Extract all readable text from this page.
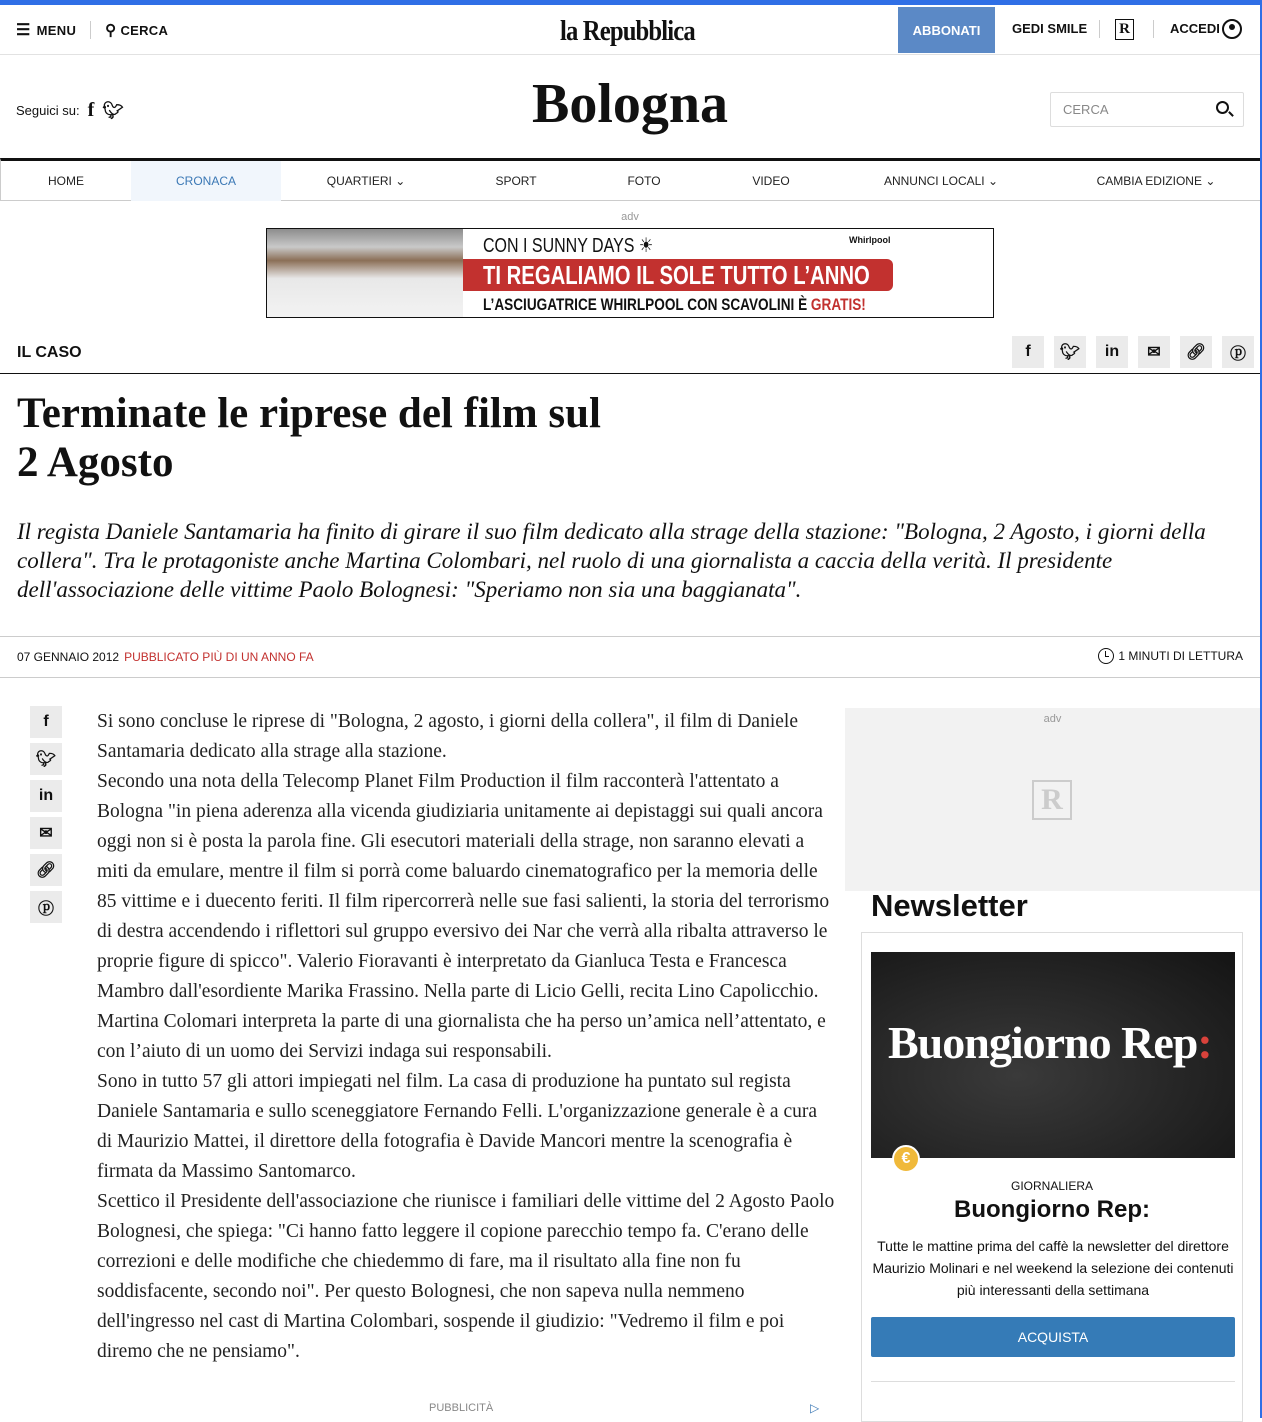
☰ MENU ⚲ CERCA	la Repubblica	ABBONATI	GEDI SMILE R	ACCEDI
Seguici su: f 🐦︎	Bologna	CERCA
HOME	CRONACA	QUARTIERI ⌄	SPORT	FOTO	VIDEO	ANNUNCI LOCALI ⌄	CAMBIA EDIZIONE ⌄
adv
CON I SUNNY DAYS ☀	Whirlpool
TI REGALIAMO IL SOLE TUTTO L’ANNO
L’ASCIUGATRICE WHIRLPOOL CON SCAVOLINI È GRATIS!
IL CASO	f	🐦︎	in	✉	🔗︎	ⓟ
Terminate le riprese del film sul 2 Agosto

Il regista Daniele Santamaria ha finito di girare il suo film dedicato alla strage della stazione: "Bologna, 2 Agosto, i giorni della collera". Tra le protagoniste anche Martina Colombari, nel ruolo di una giornalista a caccia della verità. Il presidente dell'associazione delle vittime Paolo Bolognesi: "Speriamo non sia una baggianata".

07 GENNAIO 2012 PUBBLICATO PIÙ DI UN ANNO FA	1 MINUTI DI LETTURA
f
🐦︎
in
✉
🔗︎
ⓟ

Si sono concluse le riprese di "Bologna, 2 agosto, i giorni della collera", il film di Daniele Santamaria dedicato alla strage alla stazione.

Secondo una nota della Telecomp Planet Film Production il film racconterà l'attentato a Bologna "in piena aderenza alla vicenda giudiziaria unitamente ai depistaggi sui quali ancora oggi non si è posta la parola fine. Gli esecutori materiali della strage, non saranno elevati a miti da emulare, mentre il film si porrà come baluardo cinematografico per la memoria delle 85 vittime e i duecento feriti. Il film ripercorrerà nelle sue fasi salienti, la storia del terrorismo di destra accendendo i riflettori sul gruppo eversivo dei Nar che verrà alla ribalta attraverso le proprie figure di spicco". Valerio Fioravanti è interpretato da Gianluca Testa e Francesca Mambro dall'esordiente Marika Frassino. Nella parte di Licio Gelli, recita Lino Capolicchio. Martina Colomari interpreta la parte di una giornalista che ha perso un’amica nell’attentato, e con l’aiuto di un uomo dei Servizi indaga sui responsabili.

Sono in tutto 57 gli attori impiegati nel film. La casa di produzione ha puntato sul regista Daniele Santamaria e sullo sceneggiatore Fernando Felli. L'organizzazione generale è a cura di Maurizio Mattei, il direttore della fotografia è Davide Mancori mentre la scenografia è firmata da Massimo Santomarco.

Scettico il Presidente dell'associazione che riunisce i familiari delle vittime del 2 Agosto Paolo Bolognesi, che spiega: "Ci hanno fatto leggere il copione parecchio tempo fa. C'erano delle correzioni e delle modifiche che chiedemmo di fare, ma il risultato alla fine non fu soddisfacente, secondo noi". Per questo Bolognesi, che non sapeva nulla nemmeno dell'ingresso nel cast di Martina Colombari, sospende il giudizio: "Vedremo il film e poi diremo che ne pensiamo".

PUBBLICITÀ	▷
adv
R
Newsletter
Buongiorno Rep:
€
GIORNALIERA
Buongiorno Rep:
Tutte le mattine prima del caffè la newsletter del direttore Maurizio Molinari e nel weekend la selezione dei contenuti più interessanti della settimana
ACQUISTA
